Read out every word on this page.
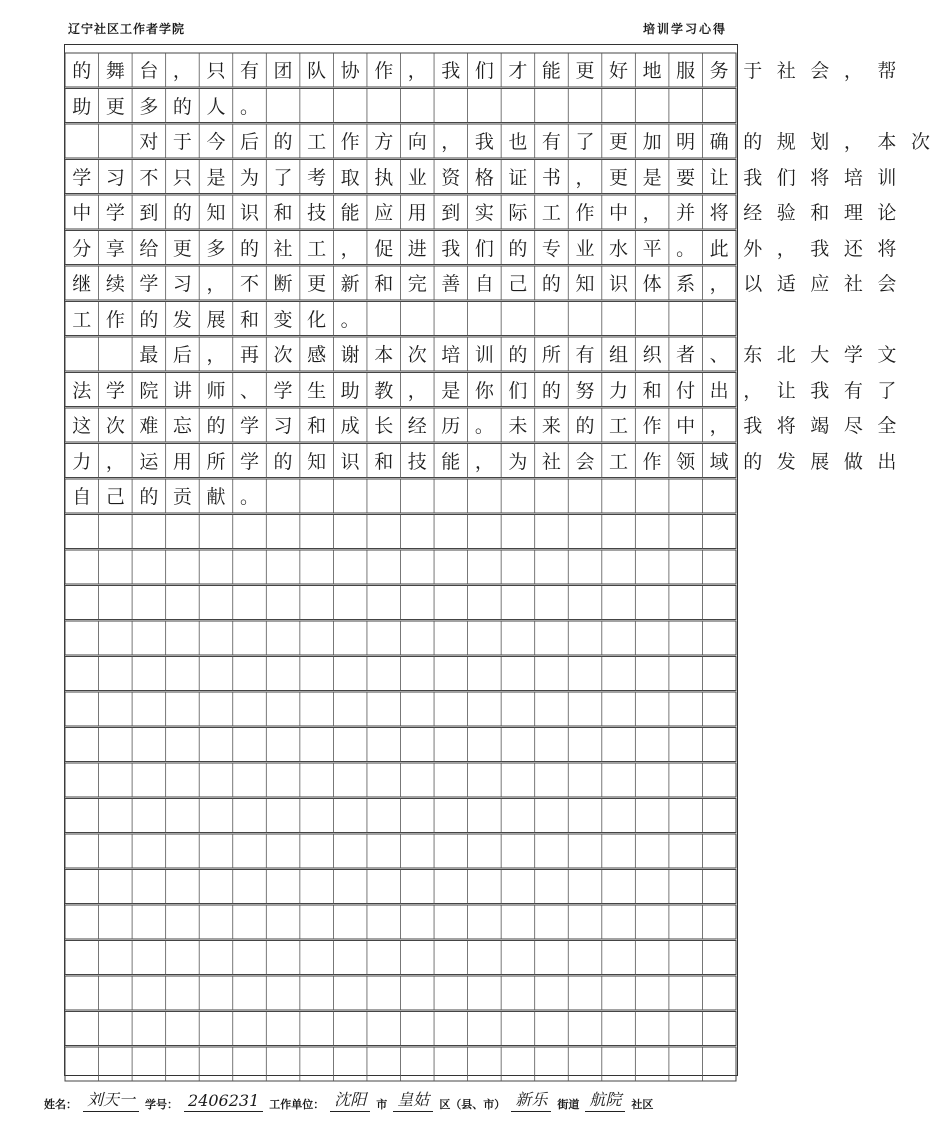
辽宁社区工作者学院	培训学习心得
的 舞 台 ， 只 有 团 队 协 作 ， 我 们 才 能 更 好 地 服 务 于 社 会 ， 帮
助 更 多 的 人 。
对 于 今 后 的 工 作 方 向 ， 我 也 有 了 更 加 明 确 的 规 划 ， 本 次
学 习 不 只 是 为 了 考 取 执 业 资 格 证 书 ， 更 是 要 让 我 们 将 培 训
中 学 到 的 知 识 和 技 能 应 用 到 实 际 工 作 中 ， 并 将 经 验 和 理 论
分 享 给 更 多 的 社 工 ， 促 进 我 们 的 专 业 水 平 。 此 外 ， 我 还 将
继 续 学 习 ， 不 断 更 新 和 完 善 自 己 的 知 识 体 系 ， 以 适 应 社 会
工 作 的 发 展 和 变 化 。
最 后 ， 再 次 感 谢 本 次 培 训 的 所 有 组 织 者 、 东 北 大 学 文
法 学 院 讲 师 、 学 生 助 教 ， 是 你 们 的 努 力 和 付 出 ， 让 我 有 了
这 次 难 忘 的 学 习 和 成 长 经 历 。 未 来 的 工 作 中 ， 我 将 竭 尽 全
力 ， 运 用 所 学 的 知 识 和 技 能 ， 为 社 会 工 作 领 域 的 发 展 做 出
自 己 的 贡 献 。
姓名： 刘天一 学号： 2406231 工作单位： 沈阳 市 皇姑 区（县、市） 新乐 街道 航院 社区
